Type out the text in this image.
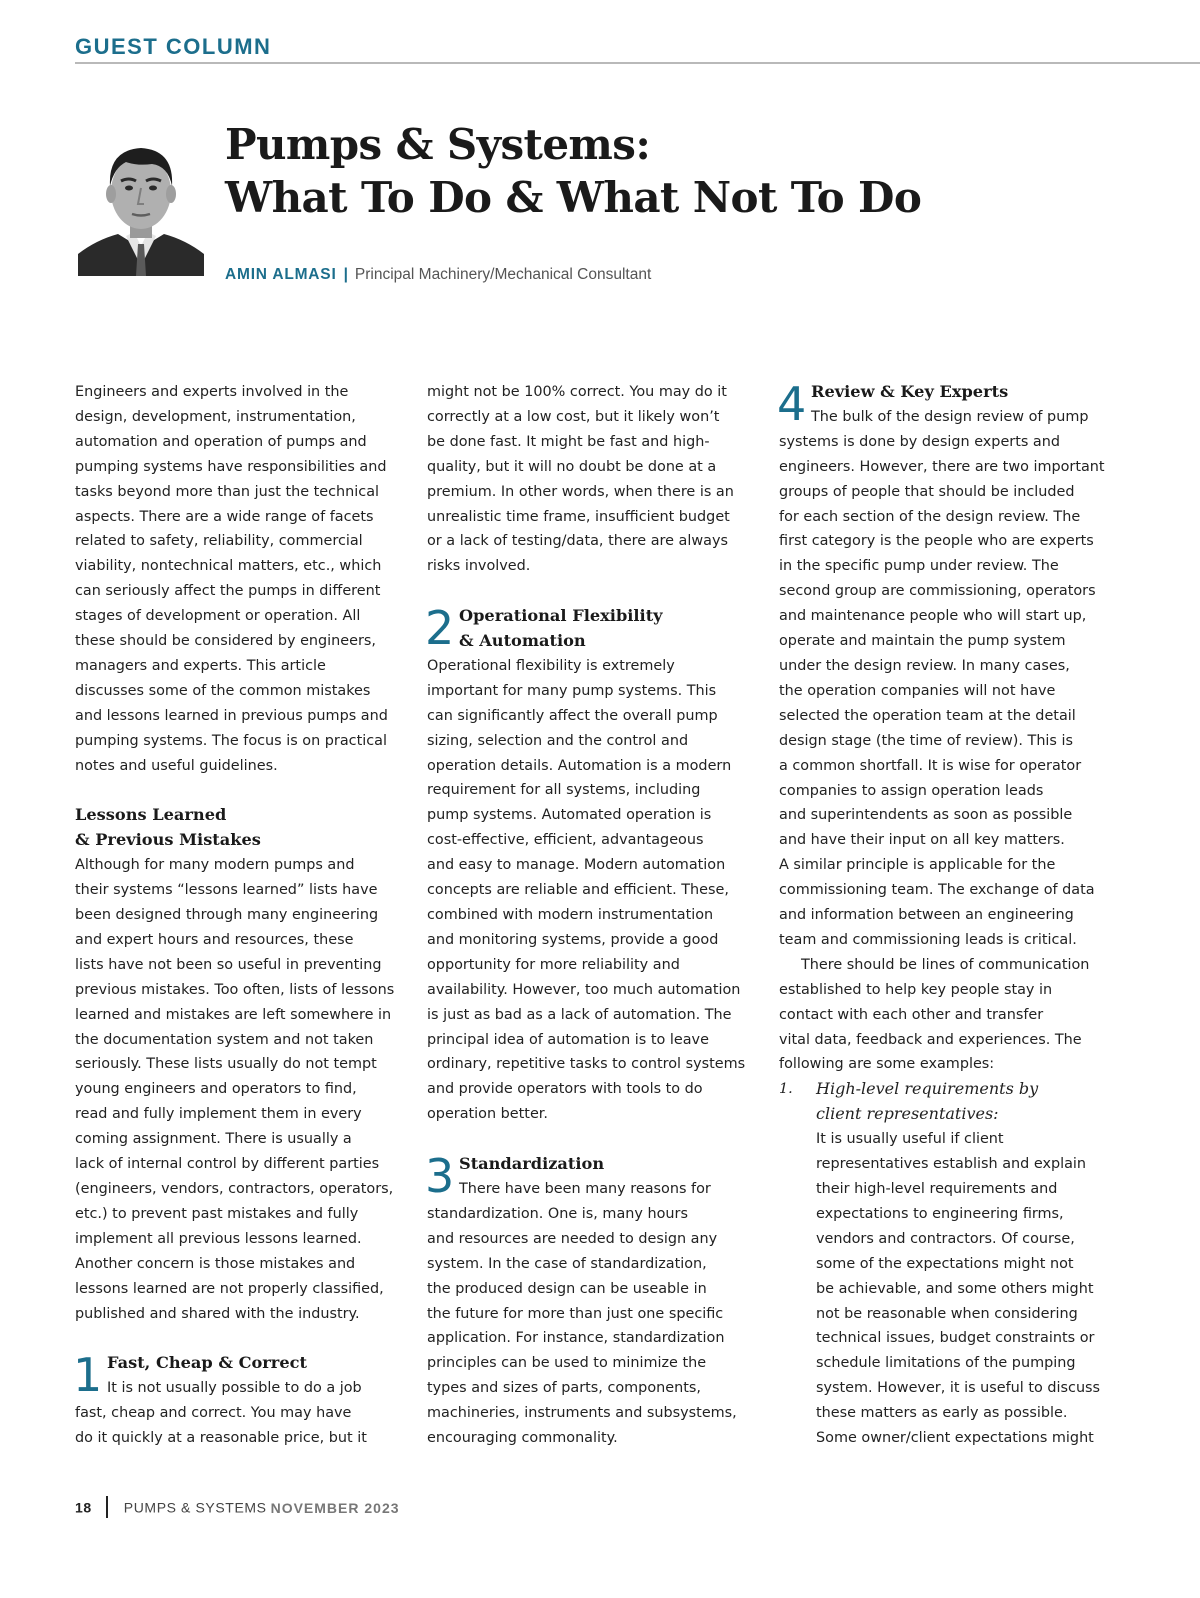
GUEST COLUMN
Pumps & Systems:
What To Do & What Not To Do
AMIN ALMASI | Principal Machinery/Mechanical Consultant

Engineers and experts involved in the
design, development, instrumentation,
automation and operation of pumps and
pumping systems have responsibilities and
tasks beyond more than just the technical
aspects. There are a wide range of facets
related to safety, reliability, commercial
viability, nontechnical matters, etc., which
can seriously affect the pumps in different
stages of development or operation. All
these should be considered by engineers,
managers and experts. This article
discusses some of the common mistakes
and lessons learned in previous pumps and
pumping systems. The focus is on practical
notes and useful guidelines.

Lessons Learned
& Previous Mistakes

Although for many modern pumps and
their systems “lessons learned” lists have
been designed through many engineering
and expert hours and resources, these
lists have not been so useful in preventing
previous mistakes. Too often, lists of lessons
learned and mistakes are left somewhere in
the documentation system and not taken
seriously. These lists usually do not tempt
young engineers and operators to find,
read and fully implement them in every
coming assignment. There is usually a
lack of internal control by different parties
(engineers, vendors, contractors, operators,
etc.) to prevent past mistakes and fully
implement all previous lessons learned.
Another concern is those mistakes and
lessons learned are not properly classified,
published and shared with the industry.

1 Fast, Cheap & Correct

It is not usually possible to do a job
fast, cheap and correct. You may have
do it quickly at a reasonable price, but it

might not be 100% correct. You may do it
correctly at a low cost, but it likely won’t
be done fast. It might be fast and high-
quality, but it will no doubt be done at a
premium. In other words, when there is an
unrealistic time frame, insufficient budget
or a lack of testing/data, there are always
risks involved.

2 Operational Flexibility
& Automation

Operational flexibility is extremely
important for many pump systems. This
can significantly affect the overall pump
sizing, selection and the control and
operation details. Automation is a modern
requirement for all systems, including
pump systems. Automated operation is
cost-effective, efficient, advantageous
and easy to manage. Modern automation
concepts are reliable and efficient. These,
combined with modern instrumentation
and monitoring systems, provide a good
opportunity for more reliability and
availability. However, too much automation
is just as bad as a lack of automation. The
principal idea of automation is to leave
ordinary, repetitive tasks to control systems
and provide operators with tools to do
operation better.

3 Standardization

There have been many reasons for
standardization. One is, many hours
and resources are needed to design any
system. In the case of standardization,
the produced design can be useable in
the future for more than just one specific
application. For instance, standardization
principles can be used to minimize the
types and sizes of parts, components,
machineries, instruments and subsystems,
encouraging commonality.

4 Review & Key Experts

The bulk of the design review of pump
systems is done by design experts and
engineers. However, there are two important
groups of people that should be included
for each section of the design review. The
first category is the people who are experts
in the specific pump under review. The
second group are commissioning, operators
and maintenance people who will start up,
operate and maintain the pump system
under the design review. In many cases,
the operation companies will not have
selected the operation team at the detail
design stage (the time of review). This is
a common shortfall. It is wise for operator
companies to assign operation leads
and superintendents as soon as possible
and have their input on all key matters.
A similar principle is applicable for the
commissioning team. The exchange of data
and information between an engineering
team and commissioning leads is critical.

There should be lines of communication
established to help key people stay in
contact with each other and transfer
vital data, feedback and experiences. The
following are some examples:

1. High-level requirements by
client representatives:

It is usually useful if client
representatives establish and explain
their high-level requirements and
expectations to engineering firms,
vendors and contractors. Of course,
some of the expectations might not
be achievable, and some others might
not be reasonable when considering
technical issues, budget constraints or
schedule limitations of the pumping
system. However, it is useful to discuss
these matters as early as possible.
Some owner/client expectations might

18 PUMPS & SYSTEMS NOVEMBER 2023
